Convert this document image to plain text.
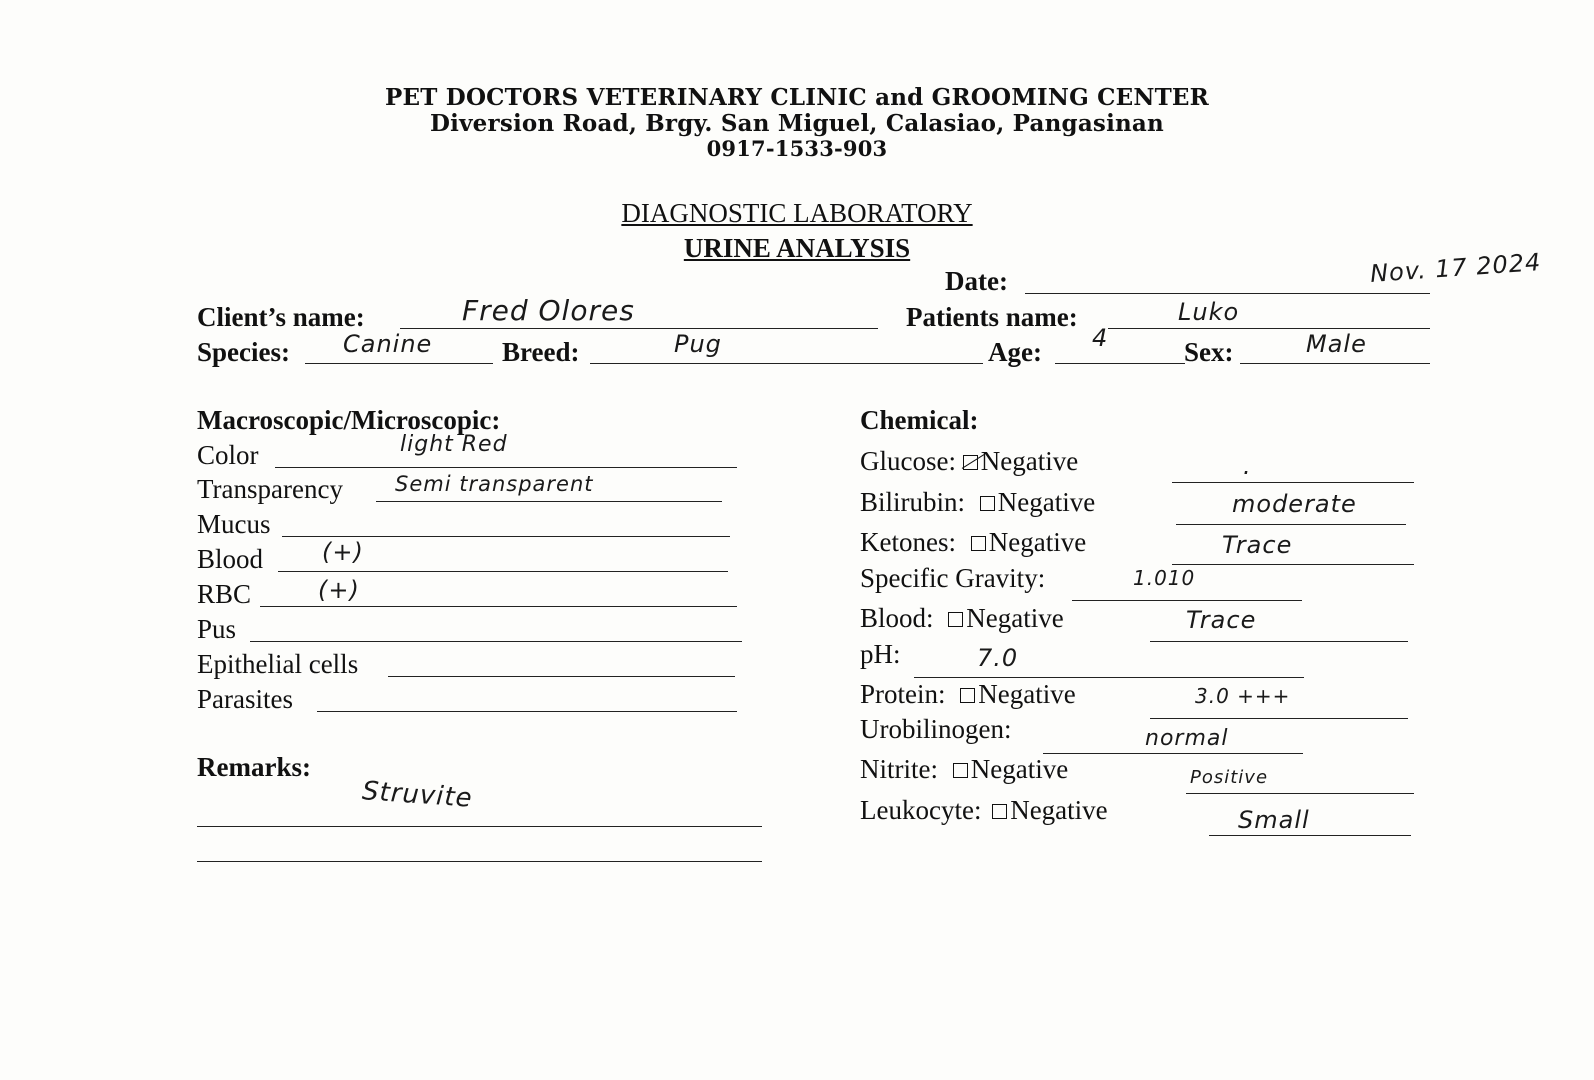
PET DOCTORS VETERINARY CLINIC and GROOMING CENTER
Diversion Road, Brgy. San Miguel, Calasiao, Pangasinan
0917-1533-903
DIAGNOSTIC LABORATORY
URINE ANALYSIS
Date:	Nov. 17 2024
Client’s name:	Fred Olores	Patients name:	Luko
Species: Canine	Breed:	Pug	Age: 4	Sex:	Male
Macroscopic/Microscopic:
Color	light Red
Transparency Semi transparent
Mucus
Blood (+)
RBC	(+)
Pus
Epithelial cells
Parasites
Remarks:
Struvite
Chemical:
Glucose: Negative	.
Bilirubin: Negative	moderate
Ketones: Negative	Trace
Specific Gravity:	1.010
Blood: Negative	Trace
pH:	7.0
Protein: Negative	3.0 +++
Urobilinogen:	normal
Nitrite: Negative	Positive
Leukocyte: Negative	Small
